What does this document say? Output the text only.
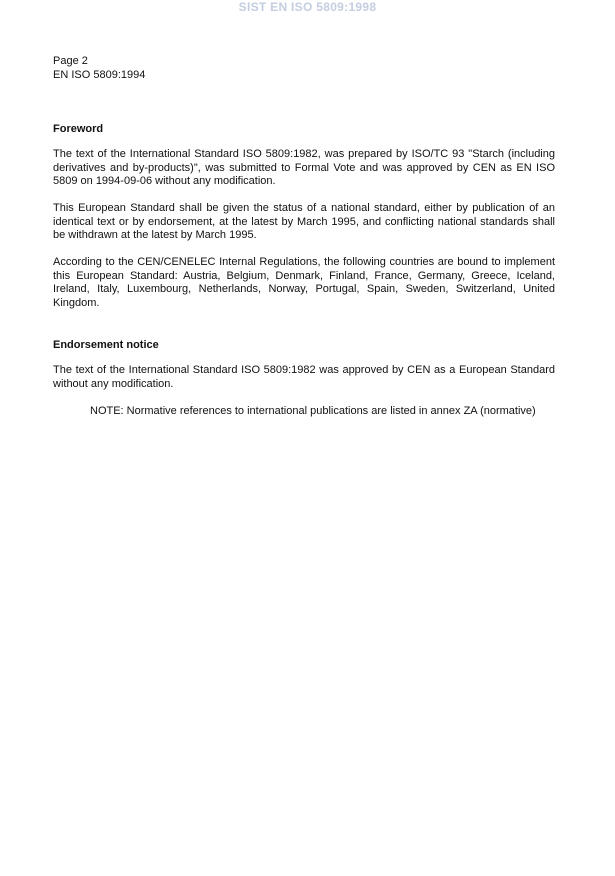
SIST EN ISO 5809:1998
Page 2
EN ISO 5809:1994
Foreword
The text of the International Standard ISO 5809:1982, was prepared by ISO/TC 93 "Starch (including derivatives and by-products)", was submitted to Formal Vote and was approved by CEN as EN ISO 5809 on 1994-09-06 without any modification.
This European Standard shall be given the status of a national standard, either by publication of an identical text or by endorsement, at the latest by March 1995, and conflicting national standards shall be withdrawn at the latest by March 1995.
According to the CEN/CENELEC Internal Regulations, the following countries are bound to implement this European Standard: Austria, Belgium, Denmark, Finland, France, Germany, Greece, Iceland, Ireland, Italy, Luxembourg, Netherlands, Norway, Portugal, Spain, Sweden, Switzerland, United Kingdom.
Endorsement notice
The text of the International Standard ISO 5809:1982 was approved by CEN as a European Standard without any modification.
NOTE: Normative references to international publications are listed in annex ZA (normative)
